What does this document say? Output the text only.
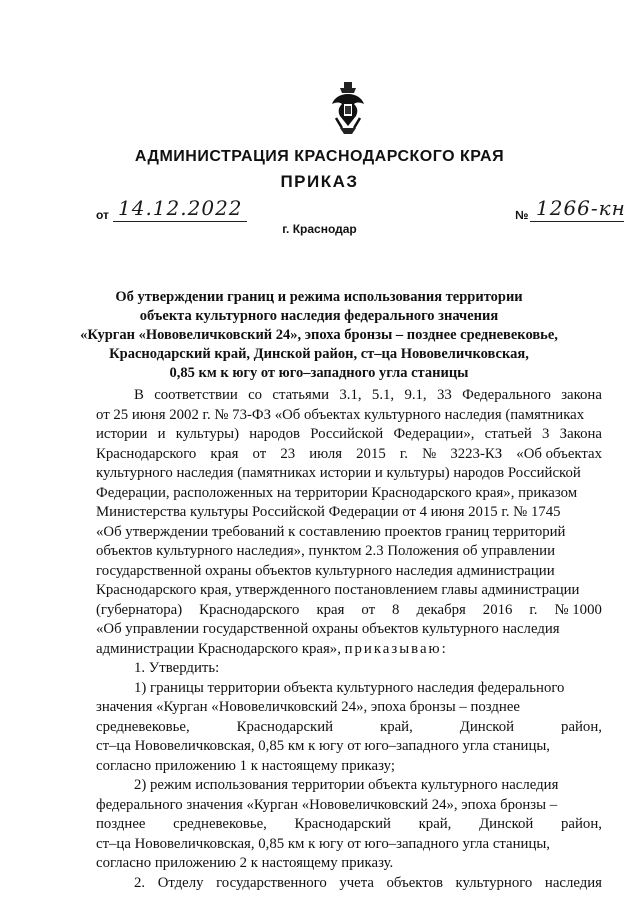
АДМИНИСТРАЦИЯ КРАСНОДАРСКОГО КРАЯ
ПРИКАЗ
от 14.12.2022	№ 1266-кн
г. Краснодар
Об утверждении границ и режима использования территории
объекта культурного наследия федерального значения
«Курган «Нововеличковский 24», эпоха бронзы – позднее средневековье,
Краснодарский край, Динской район, ст–ца Нововеличковская,
0,85 км к югу от юго–западного угла станицы
В соответствии со статьями 3.1, 5.1, 9.1, 33 Федерального закона
от 25 июня 2002 г. № 73-ФЗ «Об объектах культурного наследия (памятниках
истории и культуры) народов Российской Федерации», статьей 3 Закона
Краснодарского края от 23 июля 2015 г. № 3223-КЗ «Об объектах
культурного наследия (памятниках истории и культуры) народов Российской
Федерации, расположенных на территории Краснодарского края», приказом
Министерства культуры Российской Федерации от 4 июня 2015 г. № 1745
«Об утверждении требований к составлению проектов границ территорий
объектов культурного наследия», пунктом 2.3 Положения об управлении
государственной охраны объектов культурного наследия администрации
Краснодарского края, утвержденного постановлением главы администрации
(губернатора) Краснодарского края от 8 декабря 2016 г. № 1000
«Об управлении государственной охраны объектов культурного наследия
администрации Краснодарского края», приказываю:
1. Утвердить:
1) границы территории объекта культурного наследия федерального
значения «Курган «Нововеличковский 24», эпоха бронзы – позднее
средневековье,	Краснодарский	край,	Динской	район,
ст–ца Нововеличковская, 0,85 км к югу от юго–западного угла станицы,
согласно приложению 1 к настоящему приказу;
2) режим использования территории объекта культурного наследия
федерального значения «Курган «Нововеличковский 24», эпоха бронзы –
позднее средневековье, Краснодарский край, Динской район,
ст–ца Нововеличковская, 0,85 км к югу от юго–западного угла станицы,
согласно приложению 2 к настоящему приказу.
2. Отделу государственного учета объектов культурного наследия
